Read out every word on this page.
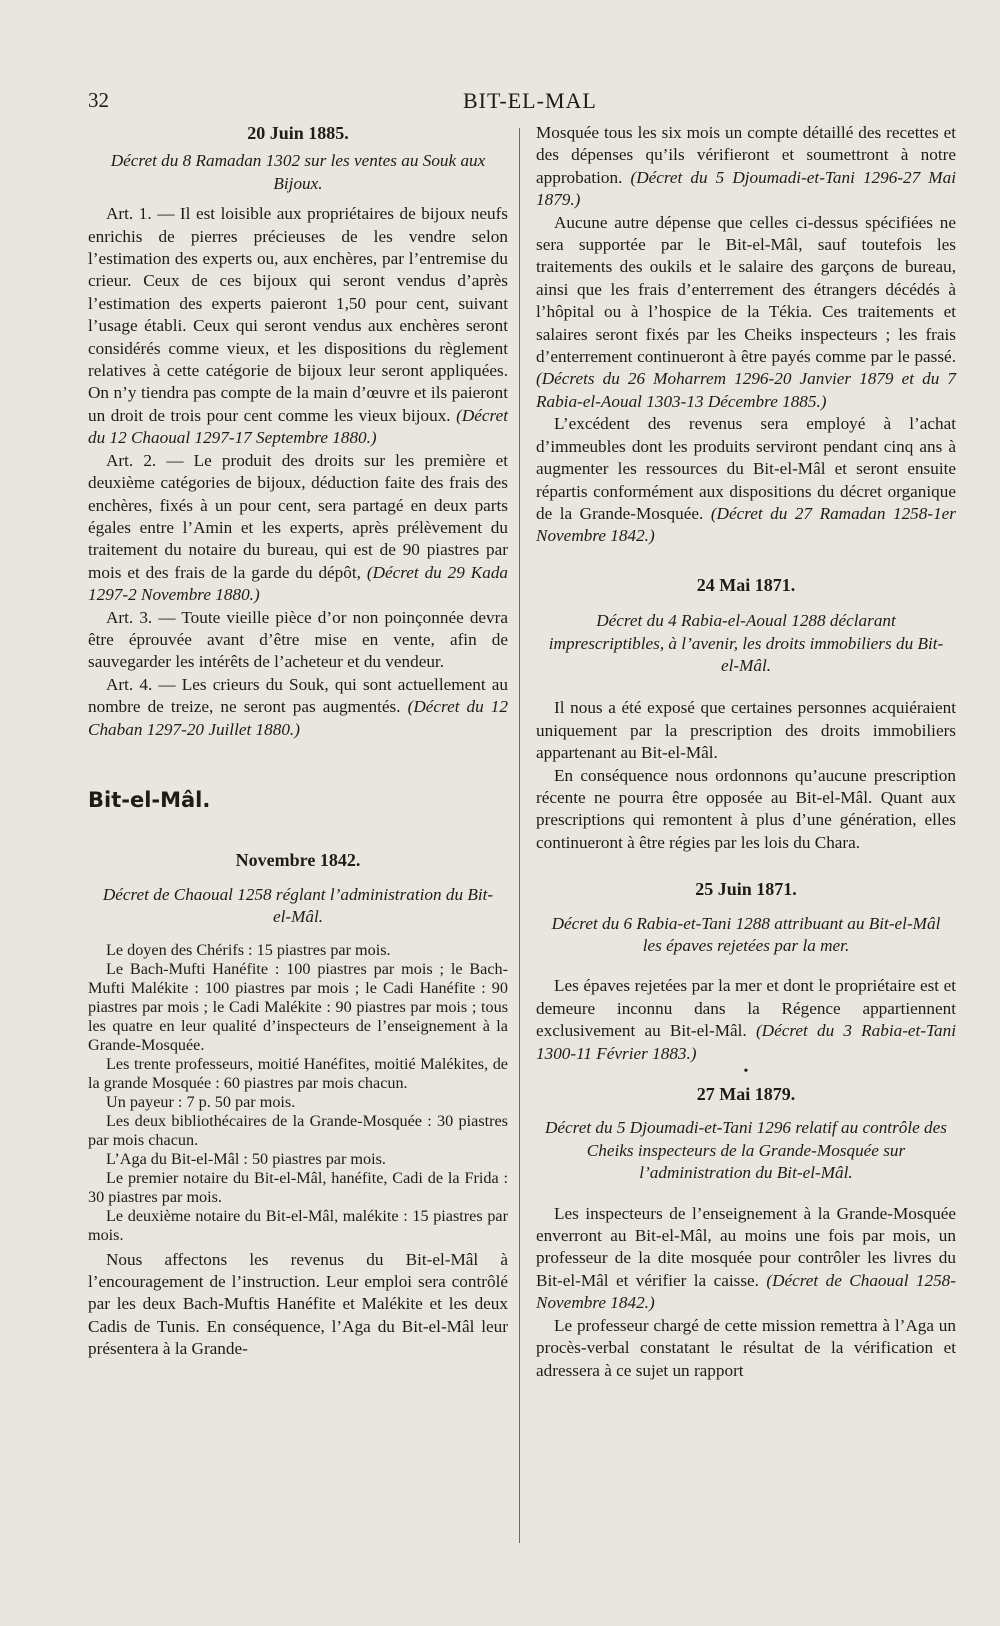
32	BIT-EL-MAL

20 Juin 1885.

Décret du 8 Ramadan 1302 sur les ventes au Souk aux Bijoux.

Art. 1. — Il est loisible aux propriétaires de bijoux neufs enrichis de pierres précieuses de les vendre selon l’estimation des experts ou, aux enchères, par l’entremise du crieur. Ceux de ces bijoux qui seront vendus d’après l’estimation des experts paieront 1,50 pour cent, suivant l’usage établi. Ceux qui seront vendus aux enchères seront considérés comme vieux, et les dispositions du règlement relatives à cette catégorie de bijoux leur seront appliquées. On n’y tiendra pas compte de la main d’œuvre et ils paieront un droit de trois pour cent comme les vieux bijoux. (Décret du 12 Chaoual 1297-17 Septembre 1880.)

Art. 2. — Le produit des droits sur les première et deuxième catégories de bijoux, déduction faite des frais des enchères, fixés à un pour cent, sera partagé en deux parts égales entre l’Amin et les experts, après prélèvement du traitement du notaire du bureau, qui est de 90 piastres par mois et des frais de la garde du dépôt, (Décret du 29 Kada 1297-2 Novembre 1880.)

Art. 3. — Toute vieille pièce d’or non poinçonnée devra être éprouvée avant d’être mise en vente, afin de sauvegarder les intérêts de l’acheteur et du vendeur.

Art. 4. — Les crieurs du Souk, qui sont actuellement au nombre de treize, ne seront pas augmentés. (Décret du 12 Chaban 1297-20 Juillet 1880.)

Bit-el-Mâl.

Novembre 1842.

Décret de Chaoual 1258 réglant l’administration du Bit-el-Mâl.

Le doyen des Chérifs : 15 piastres par mois.

Le Bach-Mufti Hanéfite : 100 piastres par mois ; le Bach-Mufti Malékite : 100 piastres par mois ; le Cadi Hanéfite : 90 piastres par mois ; le Cadi Malékite : 90 piastres par mois ; tous les quatre en leur qualité d’inspecteurs de l’enseignement à la Grande-Mosquée.

Les trente professeurs, moitié Hanéfites, moitié Malékites, de la grande Mosquée : 60 piastres par mois chacun.

Un payeur : 7 p. 50 par mois.

Les deux bibliothécaires de la Grande-Mosquée : 30 piastres par mois chacun.

L’Aga du Bit-el-Mâl : 50 piastres par mois.

Le premier notaire du Bit-el-Mâl, hanéfite, Cadi de la Frida : 30 piastres par mois.

Le deuxième notaire du Bit-el-Mâl, malékite : 15 piastres par mois.

Nous affectons les revenus du Bit-el-Mâl à l’encouragement de l’instruction. Leur emploi sera contrôlé par les deux Bach-Muftis Hanéfite et Malékite et les deux Cadis de Tunis. En conséquence, l’Aga du Bit-el-Mâl leur présentera à la Grande-

Mosquée tous les six mois un compte détaillé des recettes et des dépenses qu’ils vérifieront et soumettront à notre approbation. (Décret du 5 Djoumadi-et-Tani 1296-27 Mai 1879.)

Aucune autre dépense que celles ci-dessus spécifiées ne sera supportée par le Bit-el-Mâl, sauf toutefois les traitements des oukils et le salaire des garçons de bureau, ainsi que les frais d’enterrement des étrangers décédés à l’hôpital ou à l’hospice de la Tékia. Ces traitements et salaires seront fixés par les Cheiks inspecteurs ; les frais d’enterrement continueront à être payés comme par le passé. (Décrets du 26 Moharrem 1296-20 Janvier 1879 et du 7 Rabia-el-Aoual 1303-13 Décembre 1885.)

L’excédent des revenus sera employé à l’achat d’immeubles dont les produits serviront pendant cinq ans à augmenter les ressources du Bit-el-Mâl et seront ensuite répartis conformément aux dispositions du décret organique de la Grande-Mosquée. (Décret du 27 Ramadan 1258-1er Novembre 1842.)

24 Mai 1871.

Décret du 4 Rabia-el-Aoual 1288 déclarant imprescriptibles, à l’avenir, les droits immobiliers du Bit-el-Mâl.

Il nous a été exposé que certaines personnes acquiéraient uniquement par la prescription des droits immobiliers appartenant au Bit-el-Mâl.

En conséquence nous ordonnons qu’aucune prescription récente ne pourra être opposée au Bit-el-Mâl. Quant aux prescriptions qui remontent à plus d’une génération, elles continueront à être régies par les lois du Chara.

25 Juin 1871.

Décret du 6 Rabia-et-Tani 1288 attribuant au Bit-el-Mâl les épaves rejetées par la mer.

Les épaves rejetées par la mer et dont le propriétaire est et demeure inconnu dans la Régence appartiennent exclusivement au Bit-el-Mâl. (Décret du 3 Rabia-et-Tani 1300-11 Février 1883.)

•

27 Mai 1879.

Décret du 5 Djoumadi-et-Tani 1296 relatif au contrôle des Cheiks inspecteurs de la Grande-Mosquée sur l’administration du Bit-el-Mâl.

Les inspecteurs de l’enseignement à la Grande-Mosquée enverront au Bit-el-Mâl, au moins une fois par mois, un professeur de la dite mosquée pour contrôler les livres du Bit-el-Mâl et vérifier la caisse. (Décret de Chaoual 1258-Novembre 1842.)

Le professeur chargé de cette mission remettra à l’Aga un procès-verbal constatant le résultat de la vérification et adressera à ce sujet un rapport
